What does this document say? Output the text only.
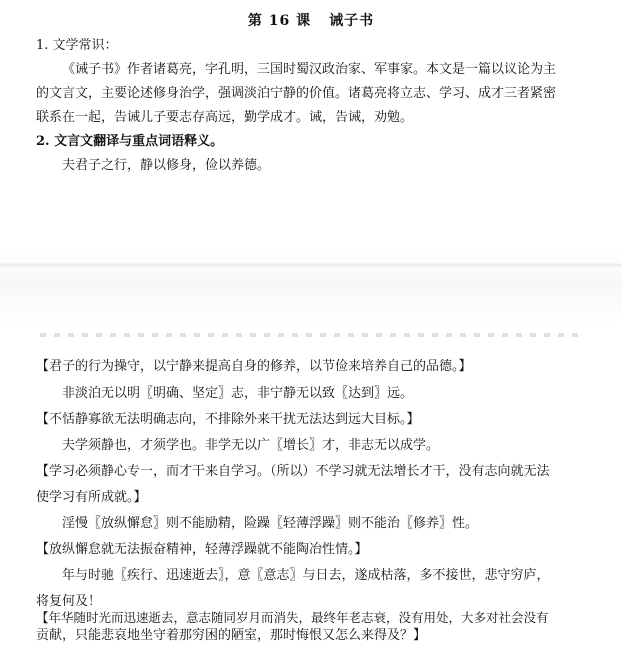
第 16 课 诫子书
1. 文学常识：
《诫子书》作者诸葛亮，字孔明，三国时蜀汉政治家、军事家。本文是一篇以议论为主
的文言文，主要论述修身治学，强调淡泊宁静的价值。诸葛亮将立志、学习、成才三者紧密
联系在一起，告诫儿子要志存高远，勤学成才。诫，告诫，劝勉。
2. 文言文翻译与重点词语释义。
夫君子之行，静以修身，俭以养德。
【君子的行为操守，以宁静来提高自身的修养，以节俭来培养自己的品德。】
非淡泊无以明〖明确、坚定〗志，非宁静无以致〖达到〗远。
【不恬静寡欲无法明确志向，不排除外来干扰无法达到远大目标。】
夫学须静也，才须学也。非学无以广〖增长〗才，非志无以成学。
【学习必须静心专一，而才干来自学习。（所以）不学习就无法增长才干，没有志向就无法
使学习有所成就。】
淫慢〖放纵懈怠〗则不能励精，险躁〖轻薄浮躁〗则不能治〖修养〗性。
【放纵懈怠就无法振奋精神，轻薄浮躁就不能陶冶性情。】
年与时驰〖疾行、迅速逝去〗，意〖意志〗与日去，遂成枯落，多不接世，悲守穷庐，
将复何及！
【年华随时光而迅速逝去，意志随同岁月而消失，最终年老志衰，没有用处，大多对社会没有
贡献，只能悲哀地坐守着那穷困的陋室，那时悔恨又怎么来得及？】
